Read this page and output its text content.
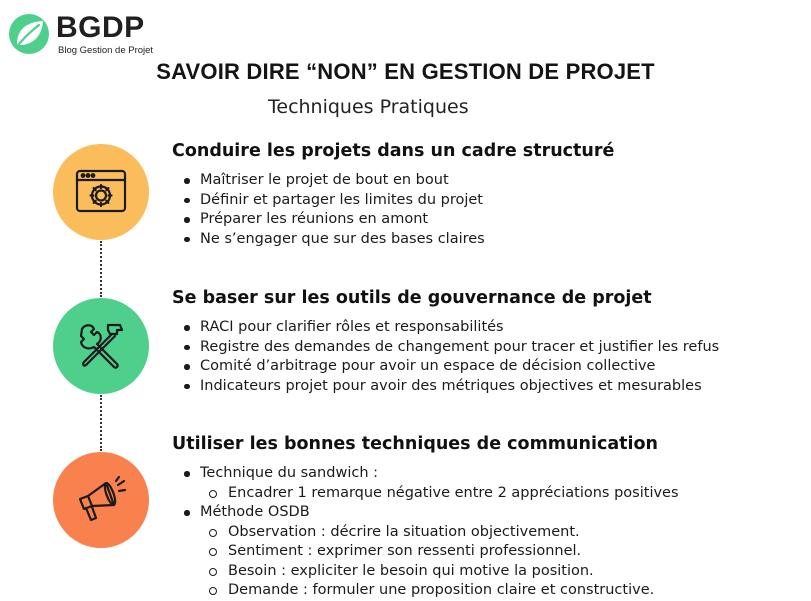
BGDP
Blog Gestion de Projet
SAVOIR DIRE “NON” EN GESTION DE PROJET
Techniques Pratiques
Conduire les projets dans un cadre structuré
Maîtriser le projet de bout en bout
Définir et partager les limites du projet
Préparer les réunions en amont
Ne s’engager que sur des bases claires
Se baser sur les outils de gouvernance de projet
RACI pour clarifier rôles et responsabilités
Registre des demandes de changement pour tracer et justifier les refus
Comité d’arbitrage pour avoir un espace de décision collective
Indicateurs projet pour avoir des métriques objectives et mesurables
Utiliser les bonnes techniques de communication
Technique du sandwich :
Encadrer 1 remarque négative entre 2 appréciations positives
Méthode OSDB
Observation : décrire la situation objectivement.
Sentiment : exprimer son ressenti professionnel.
Besoin : expliciter le besoin qui motive la position.
Demande : formuler une proposition claire et constructive.
